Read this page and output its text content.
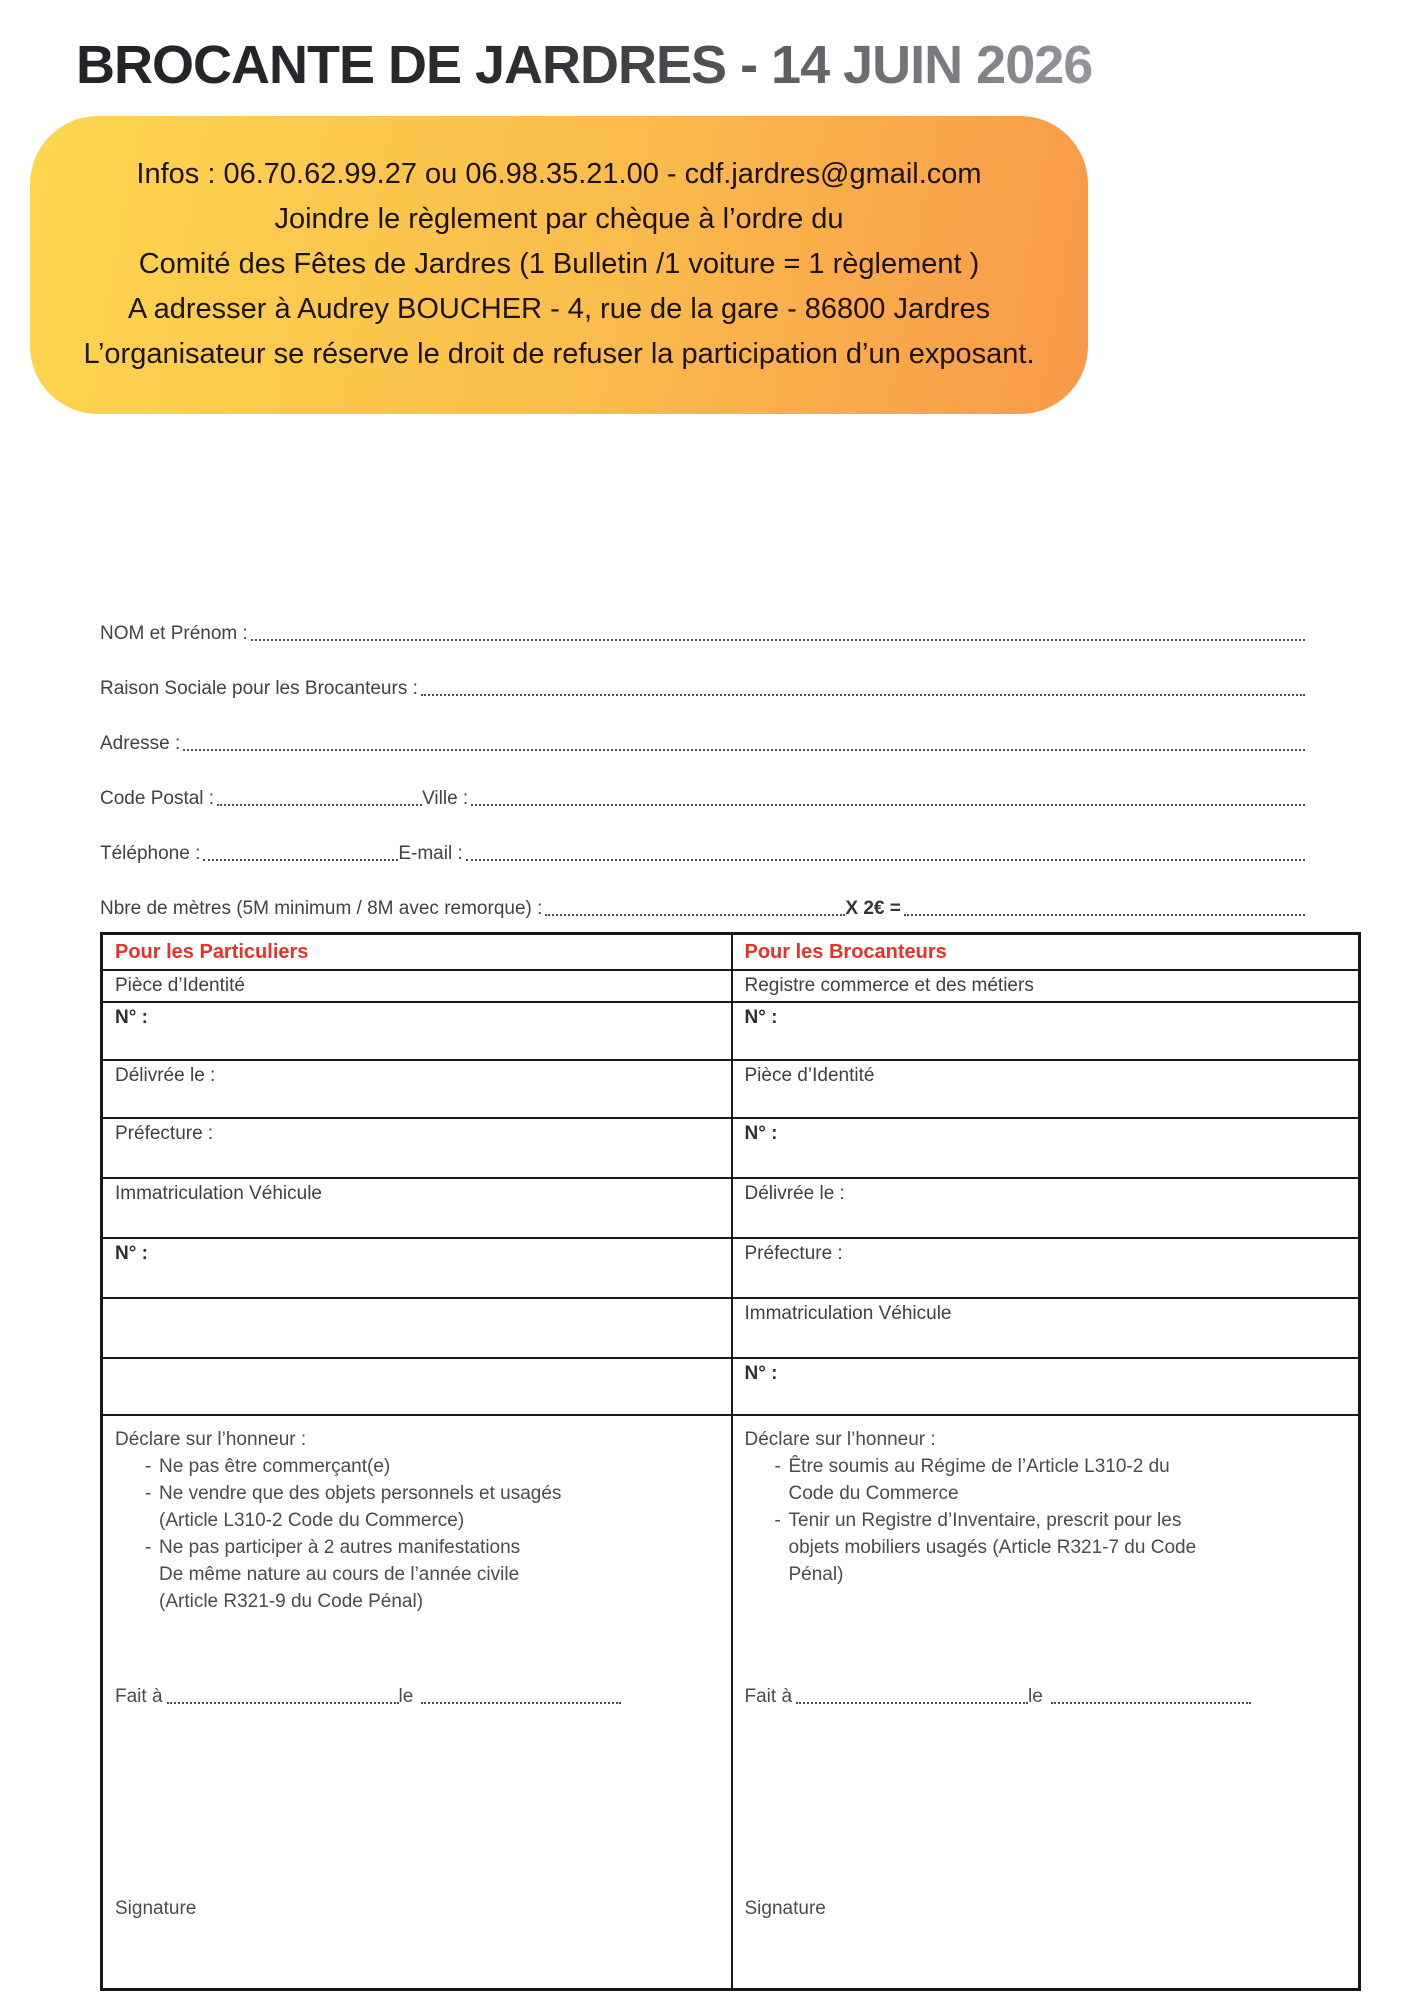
BROCANTE DE JARDRES - 14 JUIN 2026

Infos : 06.70.62.99.27 ou 06.98.35.21.00 - cdf.jardres@gmail.com

Joindre le règlement par chèque à l’ordre du

Comité des Fêtes de Jardres (1 Bulletin /1 voiture = 1 règlement )

A adresser à Audrey BOUCHER - 4, rue de la gare - 86800 Jardres

L’organisateur se réserve le droit de refuser la participation d’un exposant.

NOM et Prénom :
Raison Sociale pour les Brocanteurs :
Adresse :
Code Postal :	Ville :
Téléphone :	E-mail :
Nbre de mètres (5M minimum / 8M avec remorque) :	X 2€ =
Pour les Particuliers	Pour les Brocanteurs
Pièce d’Identité	Registre commerce et des métiers
N° :	N° :
Délivrée le :	Pièce d’Identité
Préfecture :	N° :
Immatriculation Véhicule	Délivrée le :
N° :	Préfecture :
	Immatriculation Véhicule
	N° :

Déclare sur l’honneur :
- Ne pas être commerçant(e)
- Ne vendre que des objets personnels et usagés
(Article L310-2 Code du Commerce)
- Ne pas participer à 2 autres manifestations
De même nature au cours de l’année civile
(Article R321-9 du Code Pénal)
Fait à	le
Signature

Déclare sur l’honneur :
- Être soumis au Régime de l’Article L310-2 du
Code du Commerce
- Tenir un Registre d’Inventaire, prescrit pour les
objets mobiliers usagés (Article R321-7 du Code
Pénal)
Fait à	le
Signature
